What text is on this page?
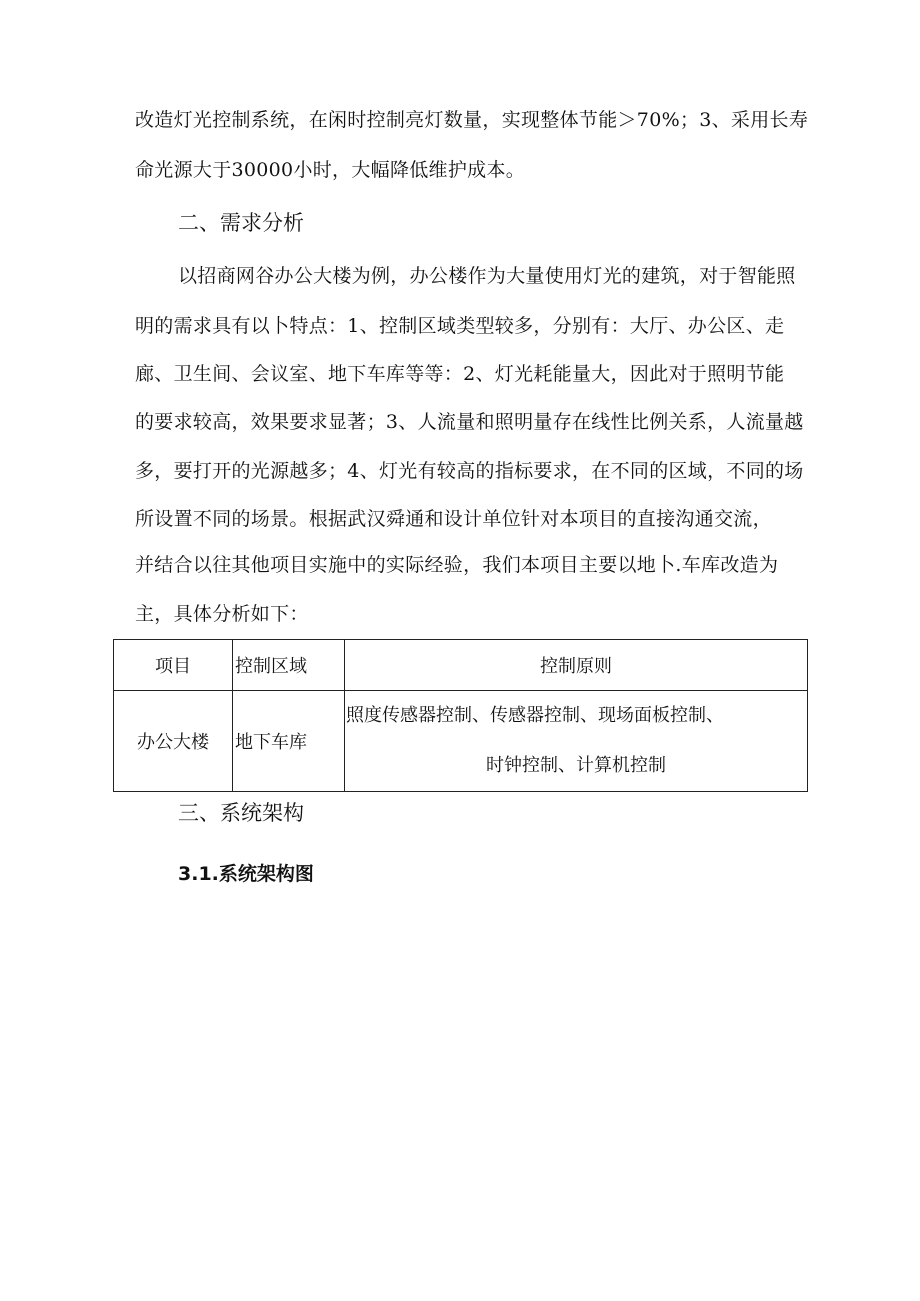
改造灯光控制系统，在闲时控制亮灯数量，实现整体节能＞70%；3、采用长寿
命光源大于30000小时，大幅降低维护成本。
二、需求分析
以招商网谷办公大楼为例，办公楼作为大量使用灯光的建筑，对于智能照
明的需求具有以卜特点：1、控制区域类型较多，分别有：大厅、办公区、走
廊、卫生间、会议室、地下车库等等：2、灯光耗能量大，因此对于照明节能
的要求较高，效果要求显著；3、人流量和照明量存在线性比例关系，人流量越
多，要打开的光源越多；4、灯光有较高的指标要求，在不同的区域，不同的场
所设置不同的场景。根据武汉舜通和设计单位针对本项目的直接沟通交流，
并结合以往其他项目实施中的实际经验，我们本项目主要以地卜.车库改造为
主，具体分析如下：
项目	控制区域	控制原则
办公大楼	地下车库	照度传感器控制、传感器控制、现场面板控制、
时钟控制、计算机控制
三、系统架构
3.1.系统架构图
